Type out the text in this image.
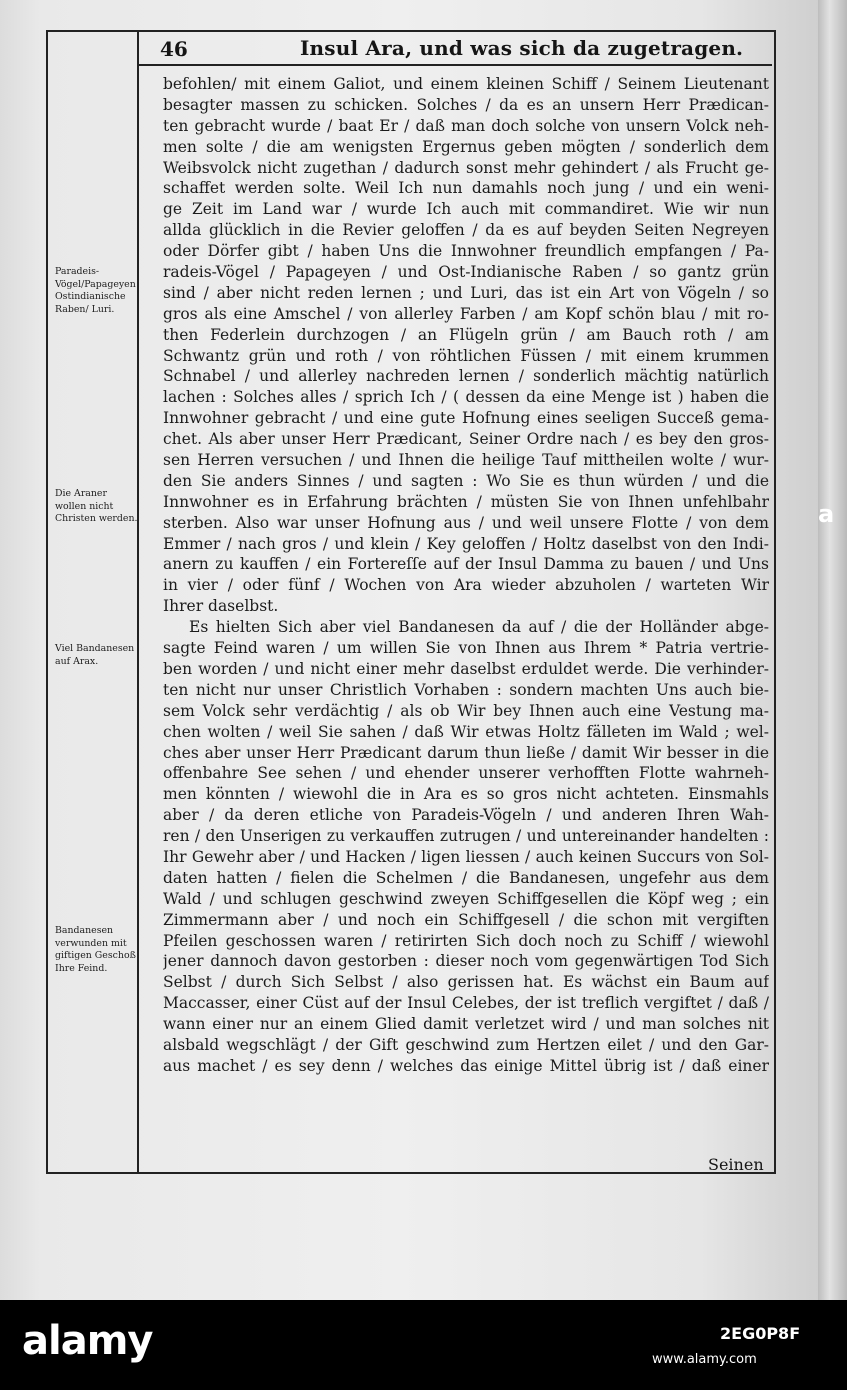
a
46	Insul Ara, und was sich da zugetragen.
Paradeis-Vögel/Papageyen Ostindianische Raben/ Luri.
Die Araner wollen nicht Christen werden.
Viel Bandanesen auf Arax.
Bandanesen verwunden mit giftigen Geschoß Ihre Feind.
befohlen/ mit einem Galiot, und einem kleinen Schiff / Seinem Lieutenant
besagter massen zu schicken. Solches / da es an unsern Herr Prædican-
ten gebracht wurde / baat Er / daß man doch solche von unsern Volck neh-
men solte / die am wenigsten Ergernus geben mögten / sonderlich dem
Weibsvolck nicht zugethan / dadurch sonst mehr gehindert / als Frucht ge-
schaffet werden solte. Weil Ich nun damahls noch jung / und ein weni-
ge Zeit im Land war / wurde Ich auch mit commandiret. Wie wir nun
allda glücklich in die Revier geloffen / da es auf beyden Seiten Negreyen
oder Dörfer gibt / haben Uns die Innwohner freundlich empfangen / Pa-
radeis-Vögel / Papageyen / und Ost-Indianische Raben / so gantz grün
sind / aber nicht reden lernen ; und Luri, das ist ein Art von Vögeln / so
gros als eine Amschel / von allerley Farben / am Kopf schön blau / mit ro-
then Federlein durchzogen / an Flügeln grün / am Bauch roth / am
Schwantz grün und roth / von röhtlichen Füssen / mit einem krummen
Schnabel / und allerley nachreden lernen / sonderlich mächtig natürlich
lachen : Solches alles / sprich Ich / ( dessen da eine Menge ist ) haben die
Innwohner gebracht / und eine gute Hofnung eines seeligen Succeß gema-
chet. Als aber unser Herr Prædicant, Seiner Ordre nach / es bey den gros-
sen Herren versuchen / und Ihnen die heilige Tauf mittheilen wolte / wur-
den Sie anders Sinnes / und sagten : Wo Sie es thun würden / und die
Innwohner es in Erfahrung brächten / müsten Sie von Ihnen unfehlbahr
sterben. Also war unser Hofnung aus / und weil unsere Flotte / von dem
Emmer / nach gros / und klein / Key geloffen / Holtz daselbst von den Indi-
anern zu kauffen / ein Fortereſſe auf der Insul Damma zu bauen / und Uns
in vier / oder fünf / Wochen von Ara wieder abzuholen / warteten Wir
Ihrer daselbst.
Es hielten Sich aber viel Bandanesen da auf / die der Holländer abge-
sagte Feind waren / um willen Sie von Ihnen aus Ihrem * Patria vertrie-
ben worden / und nicht einer mehr daselbst erduldet werde. Die verhinder-
ten nicht nur unser Christlich Vorhaben : sondern machten Uns auch bie-
sem Volck sehr verdächtig / als ob Wir bey Ihnen auch eine Vestung ma-
chen wolten / weil Sie sahen / daß Wir etwas Holtz fälleten im Wald ; wel-
ches aber unser Herr Prædicant darum thun ließe / damit Wir besser in die
offenbahre See sehen / und ehender unserer verhofften Flotte wahrneh-
men könnten / wiewohl die in Ara es so gros nicht achteten. Einsmahls
aber / da deren etliche von Paradeis-Vögeln / und anderen Ihren Wah-
ren / den Unserigen zu verkauffen zutrugen / und untereinander handelten :
Ihr Gewehr aber / und Hacken / ligen liessen / auch keinen Succurs von Sol-
daten hatten / fielen die Schelmen / die Bandanesen, ungefehr aus dem
Wald / und schlugen geschwind zweyen Schiffgesellen die Köpf weg ; ein
Zimmermann aber / und noch ein Schiffgesell / die schon mit vergiften
Pfeilen geschossen waren / retirirten Sich doch noch zu Schiff / wiewohl
jener dannoch davon gestorben : dieser noch vom gegenwärtigen Tod Sich
Selbst / durch Sich Selbst / also gerissen hat. Es wächst ein Baum auf
Maccasser, einer Cüst auf der Insul Celebes, der ist treflich vergiftet / daß /
wann einer nur an einem Glied damit verletzet wird / und man solches nit
alsbald wegschlägt / der Gift geschwind zum Hertzen eilet / und den Gar-
aus machet / es sey denn / welches das einige Mittel übrig ist / daß einer
Seinen
alamy	2EG0P8F
www.alamy.com
